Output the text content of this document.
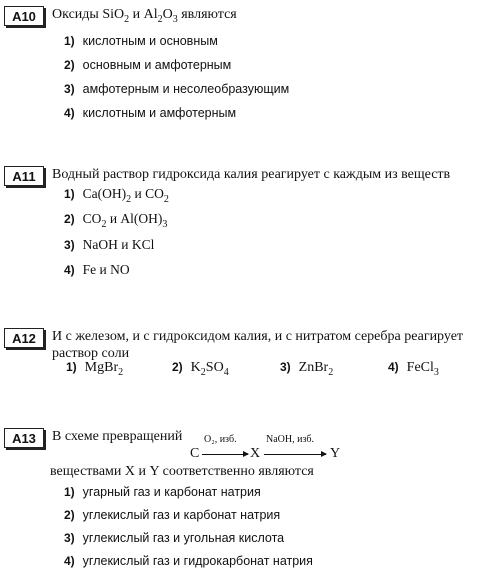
A10	Оксиды SiO$_2$ и $Al_2O_3$ являются
1) кислотным и основным
2) основным и амфотерным
3) амфотерным и несолеобразующим
4) кислотным и амфотерным
A11	Водный раствор гидроксида калия реагирует с каждым из веществ
1) $Ca(OH)_2$ и $CO_2$
2) $CO_2$ и $Al(OH)_3$
3) NaOH и KCl
4) Fe и NO
A12	И с железом, и с гидроксидом калия, и с нитратом серебра реагирует раствор соли
1) MgBr$_2$	2) $K_2SO_4$	3) ZnBr$_2$	4) FeCl$_3$
A13	В схеме превращений
C
O₂, изб.
X
NaOH, изб.
Y
веществами X и Y соответственно являются
1) угарный газ и карбонат натрия
2) углекислый газ и карбонат натрия
3) углекислый газ и угольная кислота
4) углекислый газ и гидрокарбонат натрия
